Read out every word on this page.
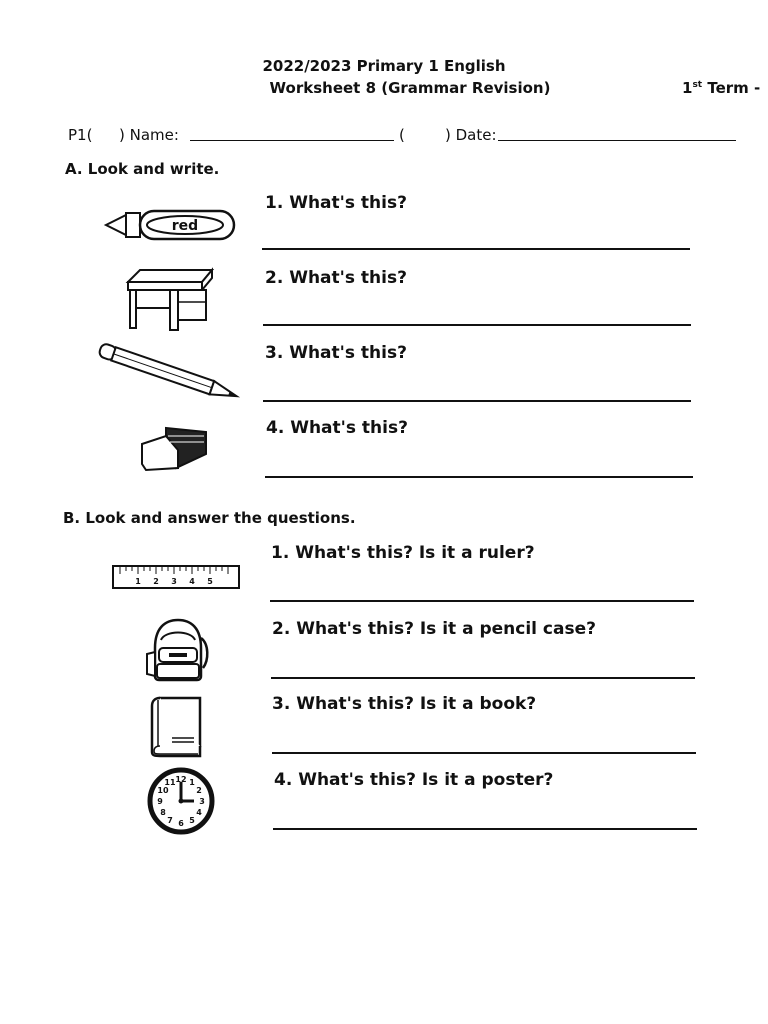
2022/2023 Primary 1 English
Worksheet 8 (Grammar Revision)	1st Term -
P1( ) Name:	(	) Date:
A. Look and write.
red
1. What's this?
2. What's this?
3. What's this?
4. What's this?
B. Look and answer the questions.
1 2 3 4 5
1. What's this? Is it a ruler?
2. What's this? Is it a pencil case?
3. What's this? Is it a book?
12 1
2
3
4
5
6
7
8
9
10
11	4. What's this? Is it a poster?
